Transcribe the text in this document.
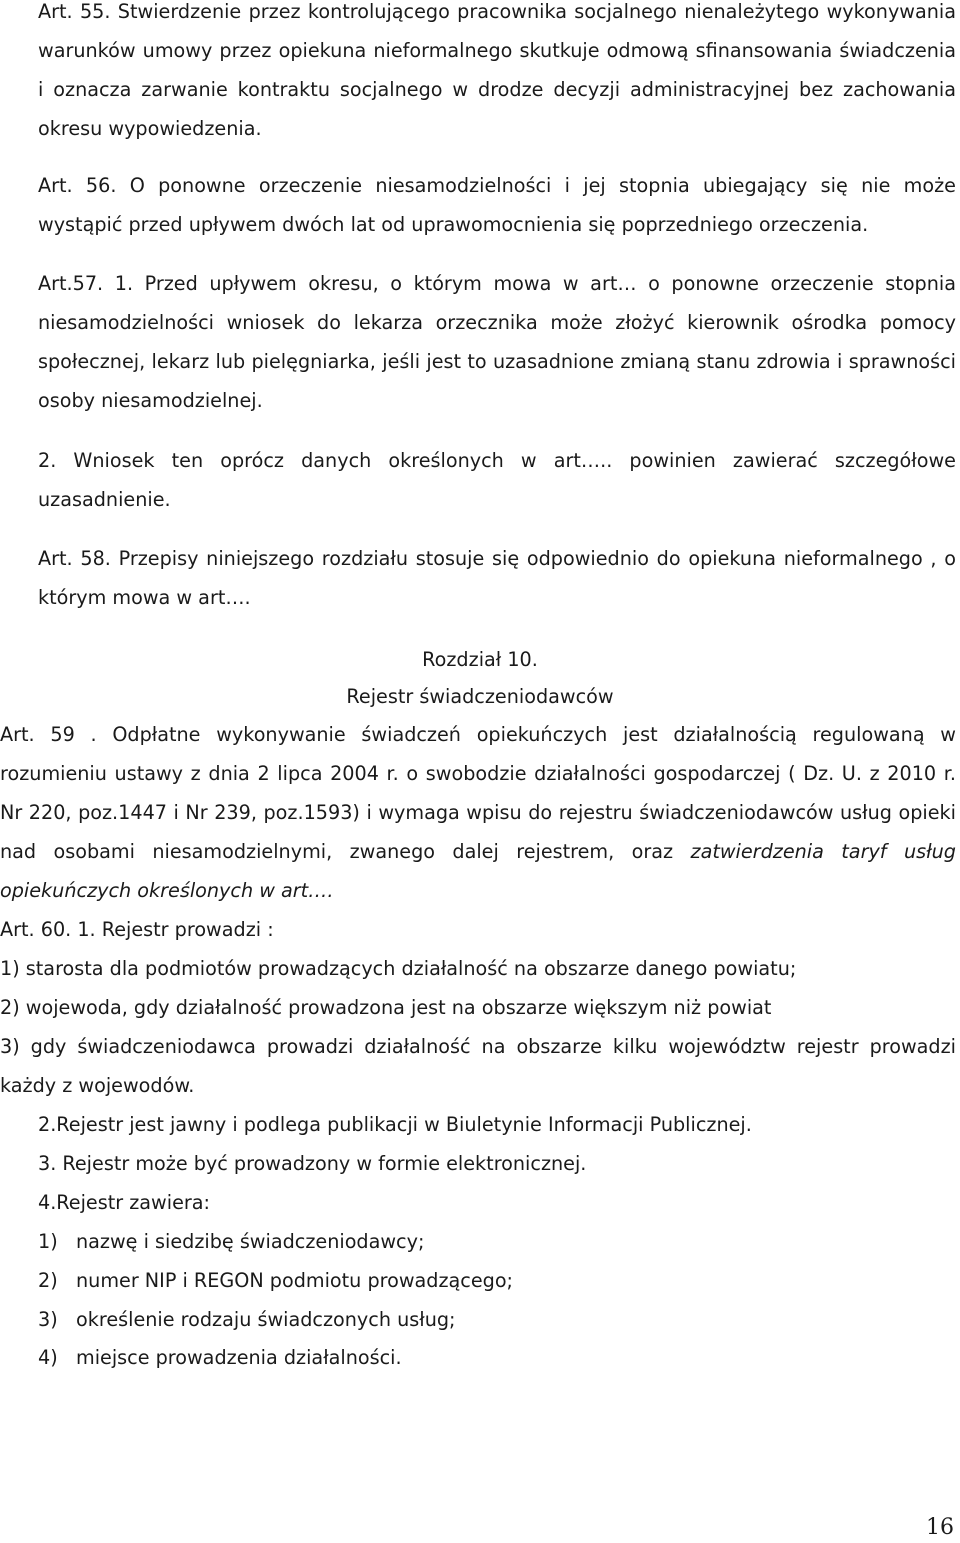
Art. 55. Stwierdzenie przez kontrolującego pracownika socjalnego nienależytego wykonywania warunków umowy przez opiekuna nieformalnego skutkuje odmową sfinansowania świadczenia i oznacza zarwanie kontraktu socjalnego w drodze decyzji administracyjnej bez zachowania okresu wypowiedzenia.

Art. 56. O ponowne orzeczenie niesamodzielności i jej stopnia ubiegający się nie może wystąpić przed upływem dwóch lat od uprawomocnienia się poprzedniego orzeczenia.

Art.57. 1. Przed upływem okresu, o którym mowa w art… o ponowne orzeczenie stopnia niesamodzielności wniosek do lekarza orzecznika może złożyć kierownik ośrodka pomocy społecznej, lekarz lub pielęgniarka, jeśli jest to uzasadnione zmianą stanu zdrowia i sprawności osoby niesamodzielnej.

2. Wniosek ten oprócz danych określonych w art….. powinien zawierać szczegółowe uzasadnienie.

Art. 58. Przepisy niniejszego rozdziału stosuje się odpowiednio do opiekuna nieformalnego , o którym mowa w art….

Rozdział 10.
Rejestr świadczeniodawców

Art. 59 . Odpłatne wykonywanie świadczeń opiekuńczych jest działalnością regulowaną w rozumieniu ustawy z dnia 2 lipca 2004 r. o swobodzie działalności gospodarczej ( Dz. U. z 2010 r. Nr 220, poz.1447 i Nr 239, poz.1593) i wymaga wpisu do rejestru świadczeniodawców usług opieki nad osobami niesamodzielnymi, zwanego dalej rejestrem, oraz zatwierdzenia taryf usług opiekuńczych określonych w art….

Art. 60. 1. Rejestr prowadzi :

1) starosta dla podmiotów prowadzących działalność na obszarze danego powiatu;

2) wojewoda, gdy działalność prowadzona jest na obszarze większym niż powiat

3) gdy świadczeniodawca prowadzi działalność na obszarze kilku województw rejestr prowadzi każdy z wojewodów.

2.Rejestr jest jawny i podlega publikacji w Biuletynie Informacji Publicznej.

3. Rejestr może być prowadzony w formie elektronicznej.

4.Rejestr zawiera:

1) nazwę i siedzibę świadczeniodawcy;
2) numer NIP i REGON podmiotu prowadzącego;
3) określenie rodzaju świadczonych usług;
4) miejsce prowadzenia działalności.
16
